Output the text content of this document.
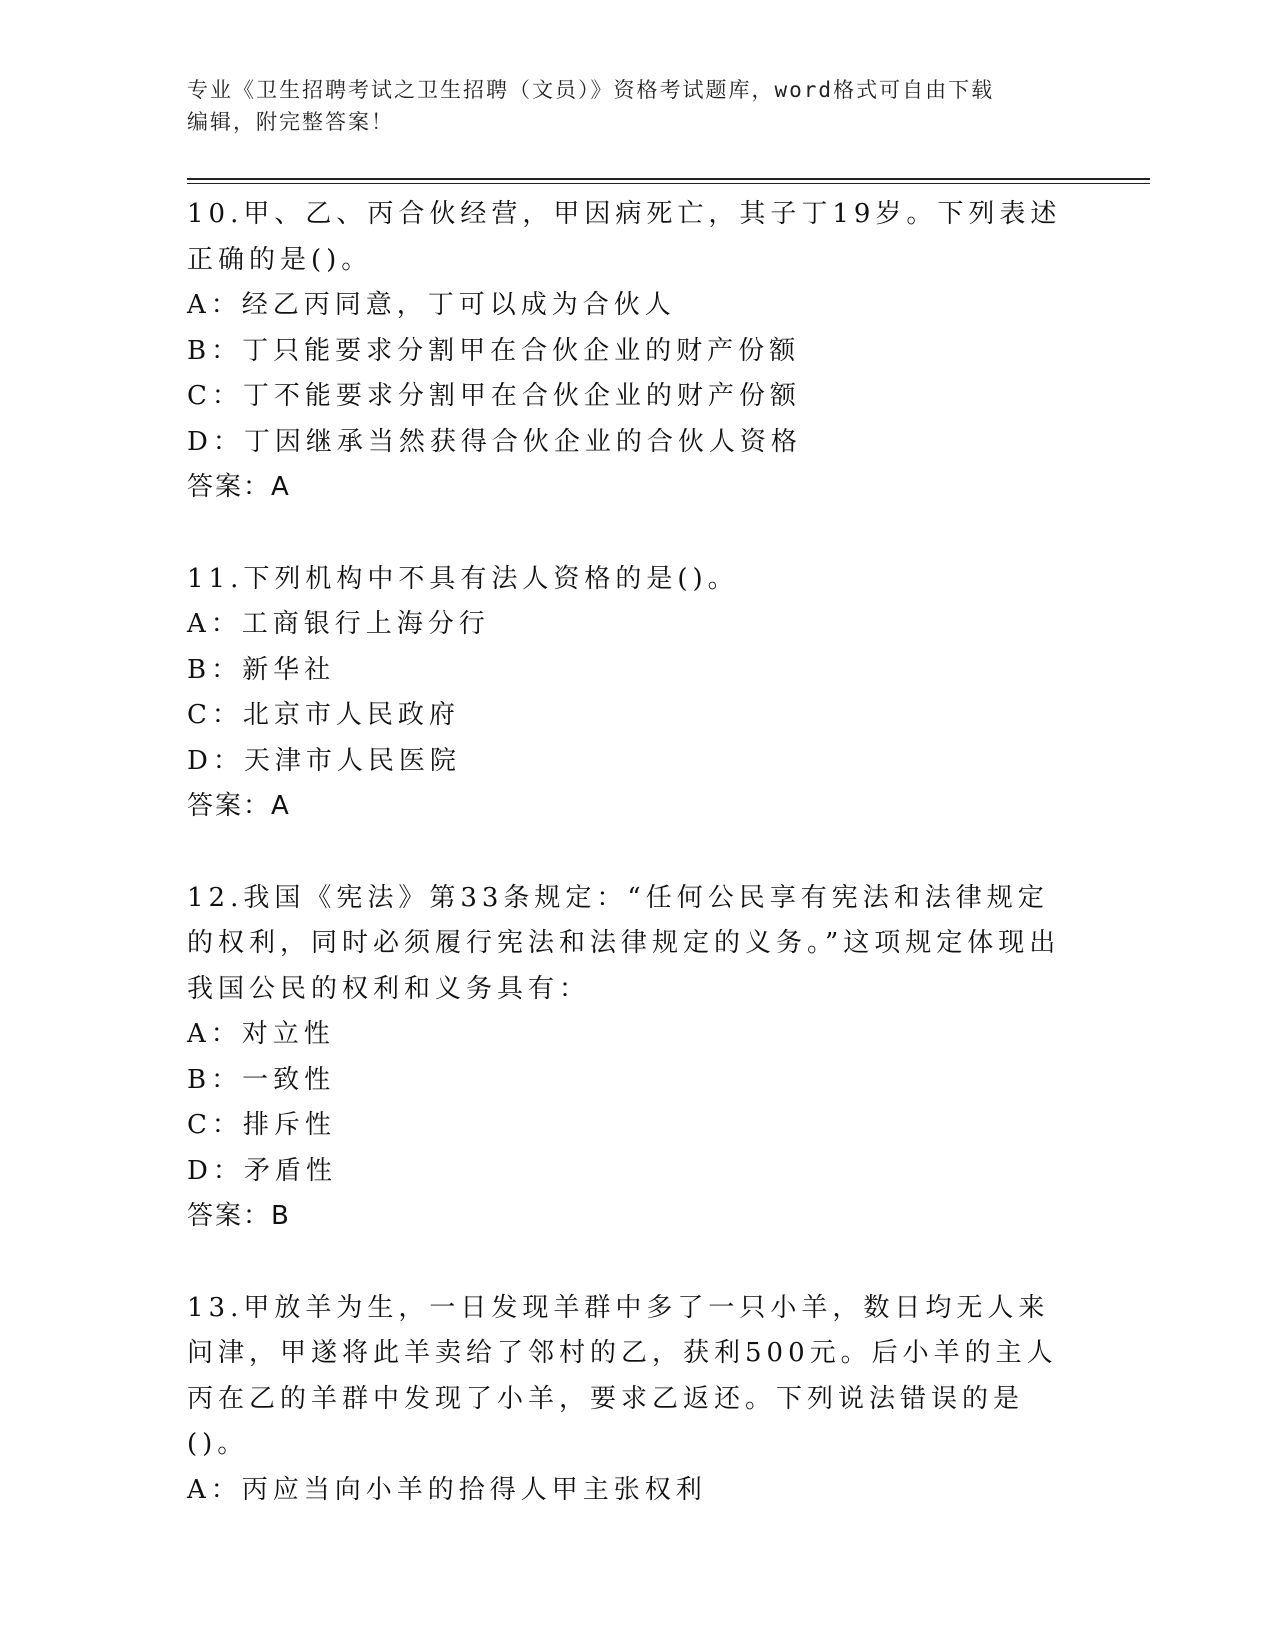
专业《卫生招聘考试之卫生招聘（文员）》资格考试题库，word格式可自由下载
编辑，附完整答案！
10.甲、乙、丙合伙经营，甲因病死亡，其子丁19岁。下列表述正确的是()。
A：经乙丙同意，丁可以成为合伙人
B：丁只能要求分割甲在合伙企业的财产份额
C：丁不能要求分割甲在合伙企业的财产份额
D：丁因继承当然获得合伙企业的合伙人资格
答案：A
11.下列机构中不具有法人资格的是()。
A：工商银行上海分行
B：新华社
C：北京市人民政府
D：天津市人民医院
答案：A
12.我国《宪法》第33条规定：“任何公民享有宪法和法律规定的权利，同时必须履行宪法和法律规定的义务。”这项规定体现出我国公民的权利和义务具有：
A：对立性
B：一致性
C：排斥性
D：矛盾性
答案：B
13.甲放羊为生，一日发现羊群中多了一只小羊，数日均无人来问津，甲遂将此羊卖给了邻村的乙，获利500元。后小羊的主人丙在乙的羊群中发现了小羊，要求乙返还。下列说法错误的是()。
A：丙应当向小羊的拾得人甲主张权利
